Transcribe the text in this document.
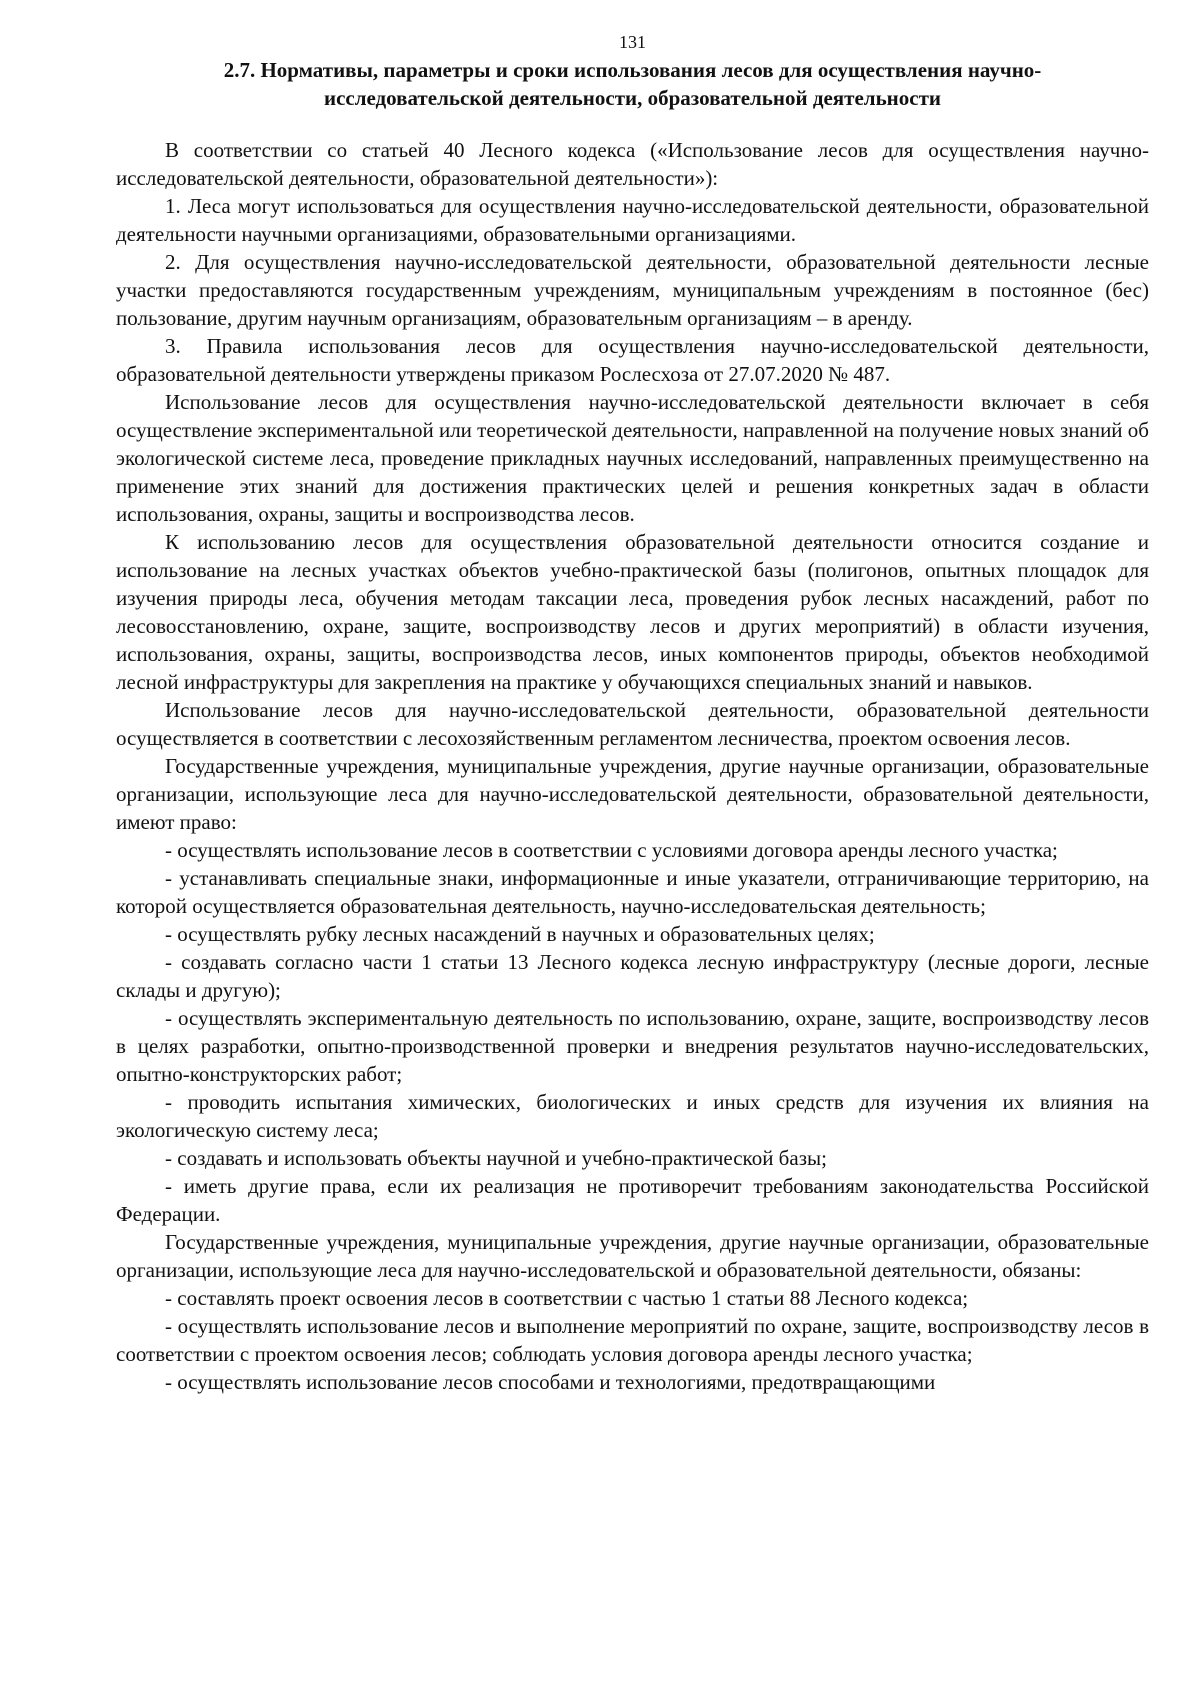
131
2.7. Нормативы, параметры и сроки использования лесов для осуществления научно-
исследовательской деятельности, образовательной деятельности

В соответствии со статьей 40 Лесного кодекса («Использование лесов для осуществления научно-исследовательской деятельности, образовательной деятельности»):

1. Леса могут использоваться для осуществления научно-исследовательской деятельности, образовательной деятельности научными организациями, образовательными организациями.

2. Для осуществления научно-исследовательской деятельности, образовательной деятельности лесные участки предоставляются государственным учреждениям, муниципальным учреждениям в постоянное (бес) пользование, другим научным организациям, образовательным организациям – в аренду.

3. Правила использования лесов для осуществления научно-исследовательской деятельности, образовательной деятельности утверждены приказом Рослесхоза от 27.07.2020 № 487.

Использование лесов для осуществления научно-исследовательской деятельности включает в себя осуществление экспериментальной или теоретической деятельности, направленной на получение новых знаний об экологической системе леса, проведение прикладных научных исследований, направленных преимущественно на применение этих знаний для достижения практических целей и решения конкретных задач в области использования, охраны, защиты и воспроизводства лесов.

К использованию лесов для осуществления образовательной деятельности относится создание и использование на лесных участках объектов учебно-практической базы (полигонов, опытных площадок для изучения природы леса, обучения методам таксации леса, проведения рубок лесных насаждений, работ по лесовосстановлению, охране, защите, воспроизводству лесов и других мероприятий) в области изучения, использования, охраны, защиты, воспроизводства лесов, иных компонентов природы, объектов необходимой лесной инфраструктуры для закрепления на практике у обучающихся специальных знаний и навыков.

Использование лесов для научно-исследовательской деятельности, образовательной деятельности осуществляется в соответствии с лесохозяйственным регламентом лесничества, проектом освоения лесов.

Государственные учреждения, муниципальные учреждения, другие научные организации, образовательные организации, использующие леса для научно-исследовательской деятельности, образовательной деятельности, имеют право:

- осуществлять использование лесов в соответствии с условиями договора аренды лесного участка;

- устанавливать специальные знаки, информационные и иные указатели, отграничивающие территорию, на которой осуществляется образовательная деятельность, научно-исследовательская деятельность;

- осуществлять рубку лесных насаждений в научных и образовательных целях;

- создавать согласно части 1 статьи 13 Лесного кодекса лесную инфраструктуру (лесные дороги, лесные склады и другую);

- осуществлять экспериментальную деятельность по использованию, охране, защите, воспроизводству лесов в целях разработки, опытно-производственной проверки и внедрения результатов научно-исследовательских, опытно-конструкторских работ;

- проводить испытания химических, биологических и иных средств для изучения их влияния на экологическую систему леса;

- создавать и использовать объекты научной и учебно-практической базы;

- иметь другие права, если их реализация не противоречит требованиям законодательства Российской Федерации.

Государственные учреждения, муниципальные учреждения, другие научные организации, образовательные организации, использующие леса для научно-исследовательской и образовательной деятельности, обязаны:

- составлять проект освоения лесов в соответствии с частью 1 статьи 88 Лесного кодекса;

- осуществлять использование лесов и выполнение мероприятий по охране, защите, воспроизводству лесов в соответствии с проектом освоения лесов; соблюдать условия договора аренды лесного участка;

- осуществлять использование лесов способами и технологиями, предотвращающими
